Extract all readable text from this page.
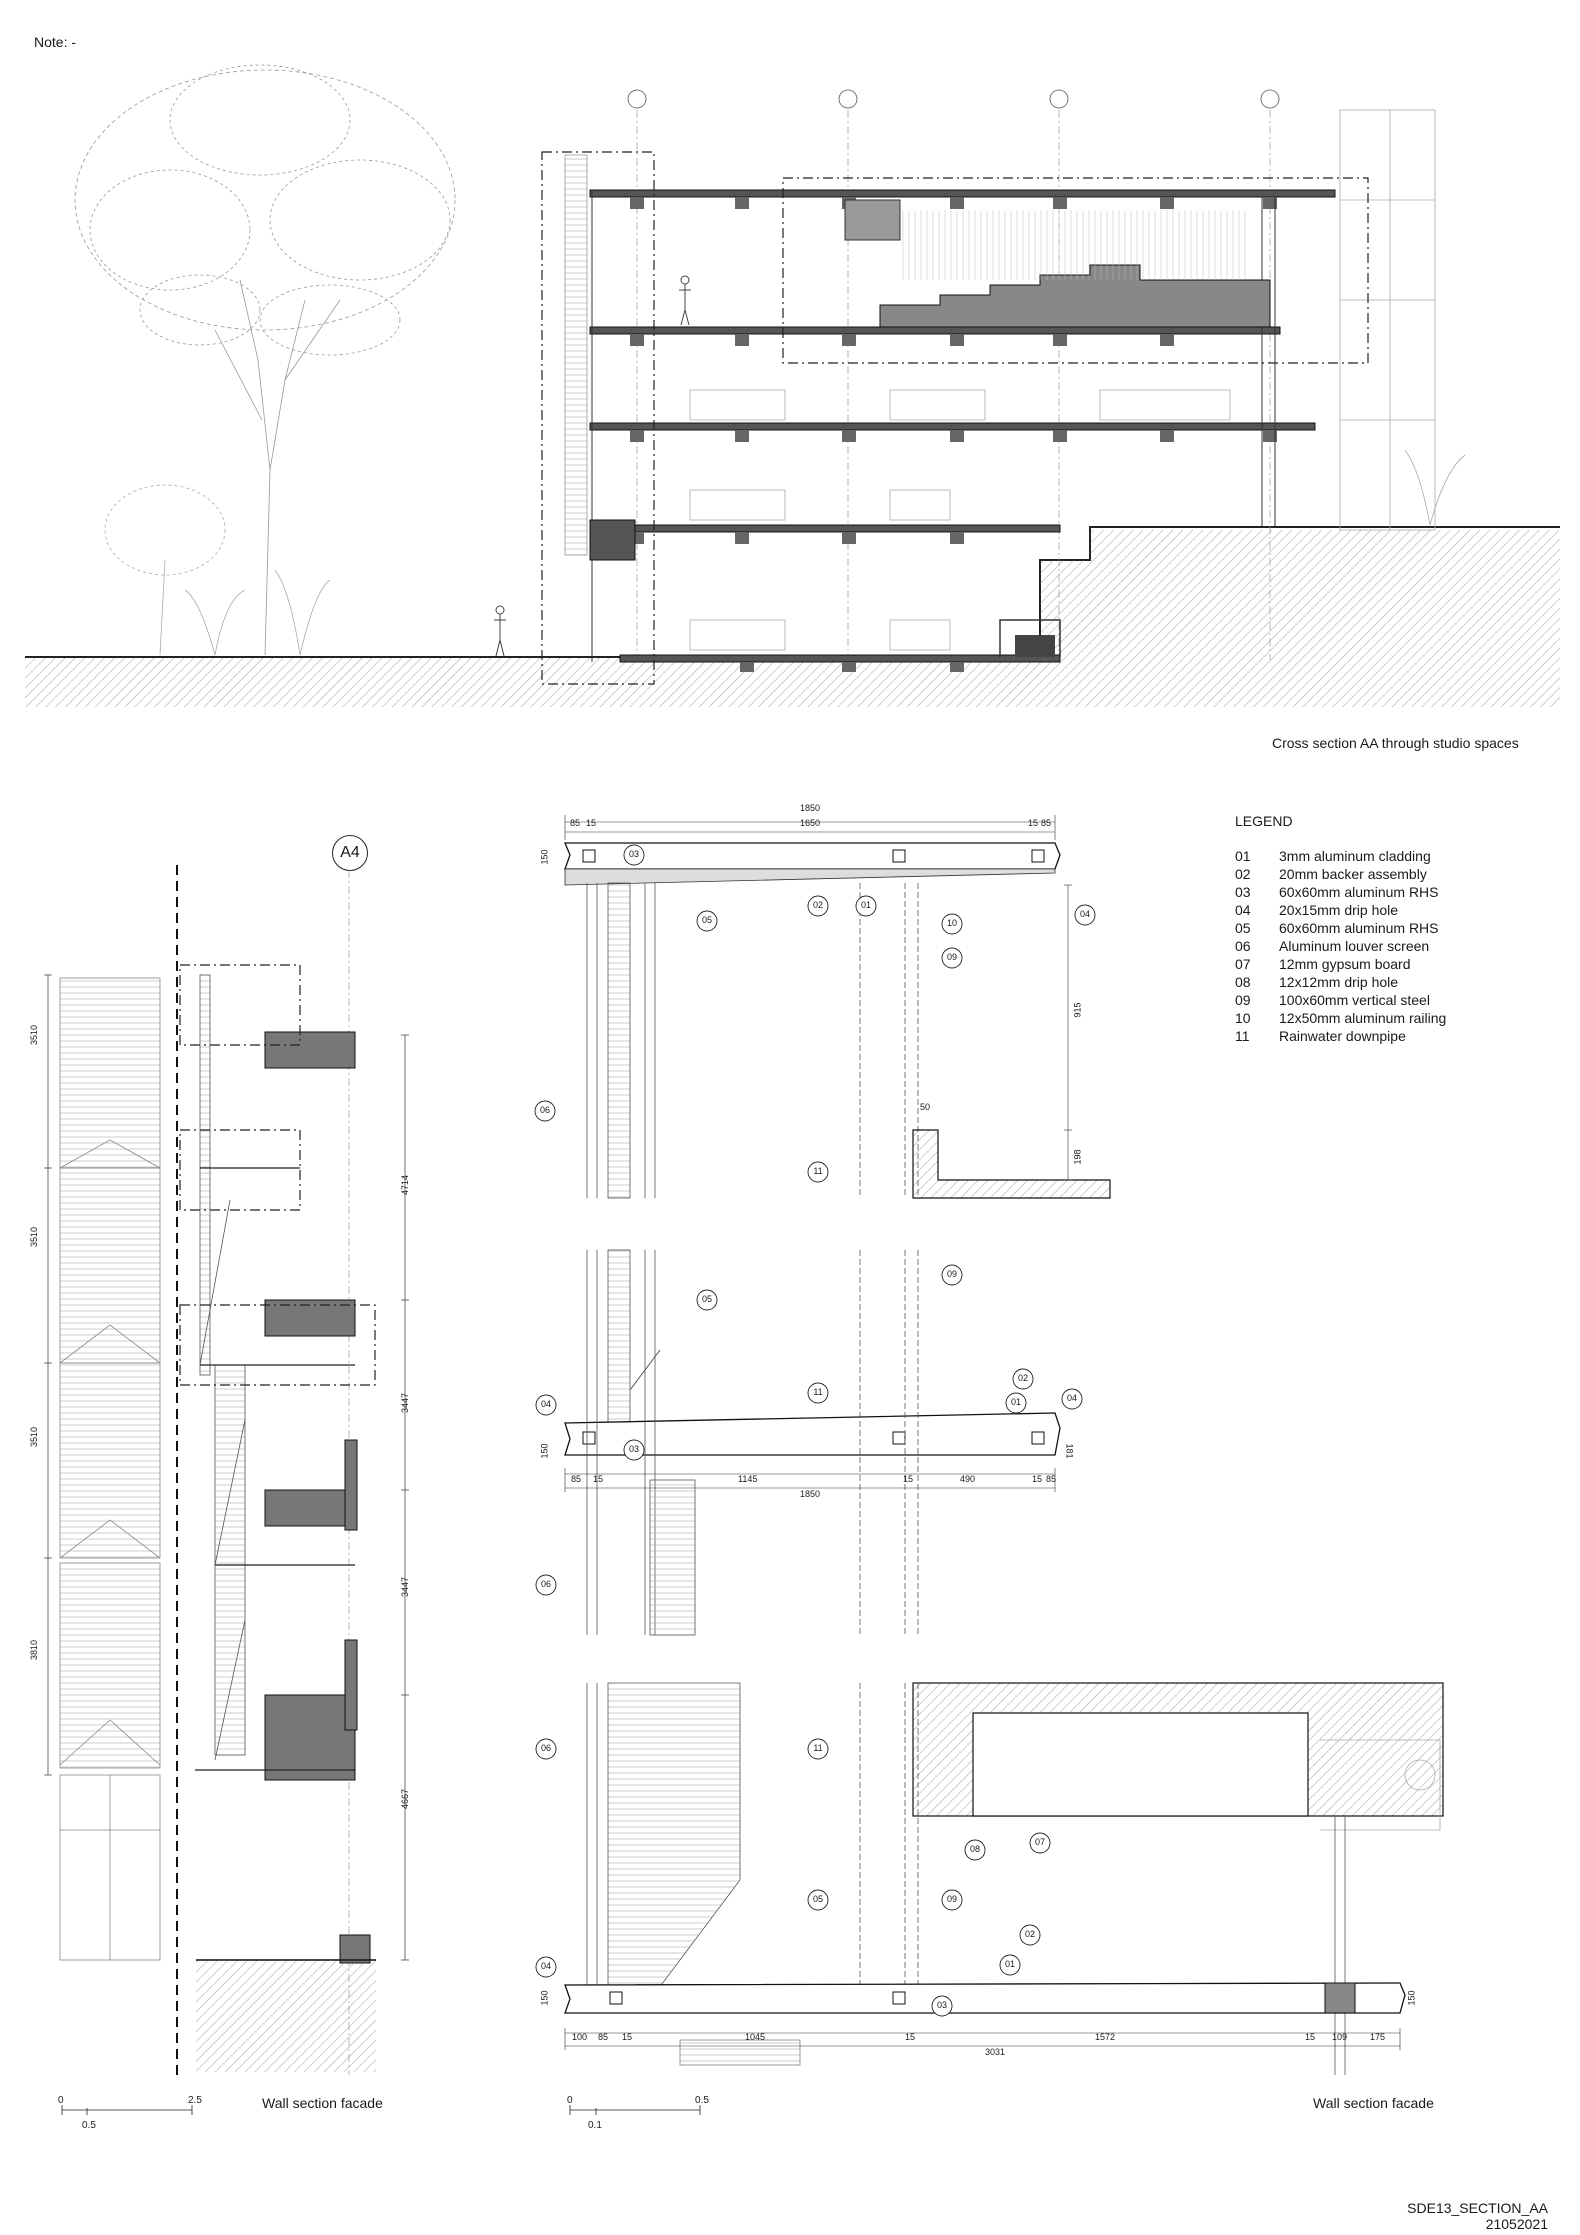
Note: -
Cross section AA through studio spaces
LEGEND
01 3mm aluminum cladding
02 20mm backer assembly
03 60x60mm aluminum RHS
04 20x15mm drip hole
05 60x60mm aluminum RHS
06 Aluminum louver screen
07 12mm gypsum board
08 12x12mm drip hole
09 100x60mm vertical steel
10 12x50mm aluminum railing
11 Rainwater downpipe
A4
3510
3510
3510
3810
4714
3447
3447
4667
0
0.5
2.5	Wall section facade	0
0.1
0.5	Wall section facade
SDE13_SECTION_AA
21052021
1850
1650
85 15	15 85
150
915
198
50
85 15	1145	15	490	15 85
1850
150	181
100 85 15	1045	15	1572	15 109	175
3031
150	150
03
02	01
04
05	10
09
06
11
05
09
11
04
02
01	04
03
06
06	11
08
07
05	09
02
01
03
04
